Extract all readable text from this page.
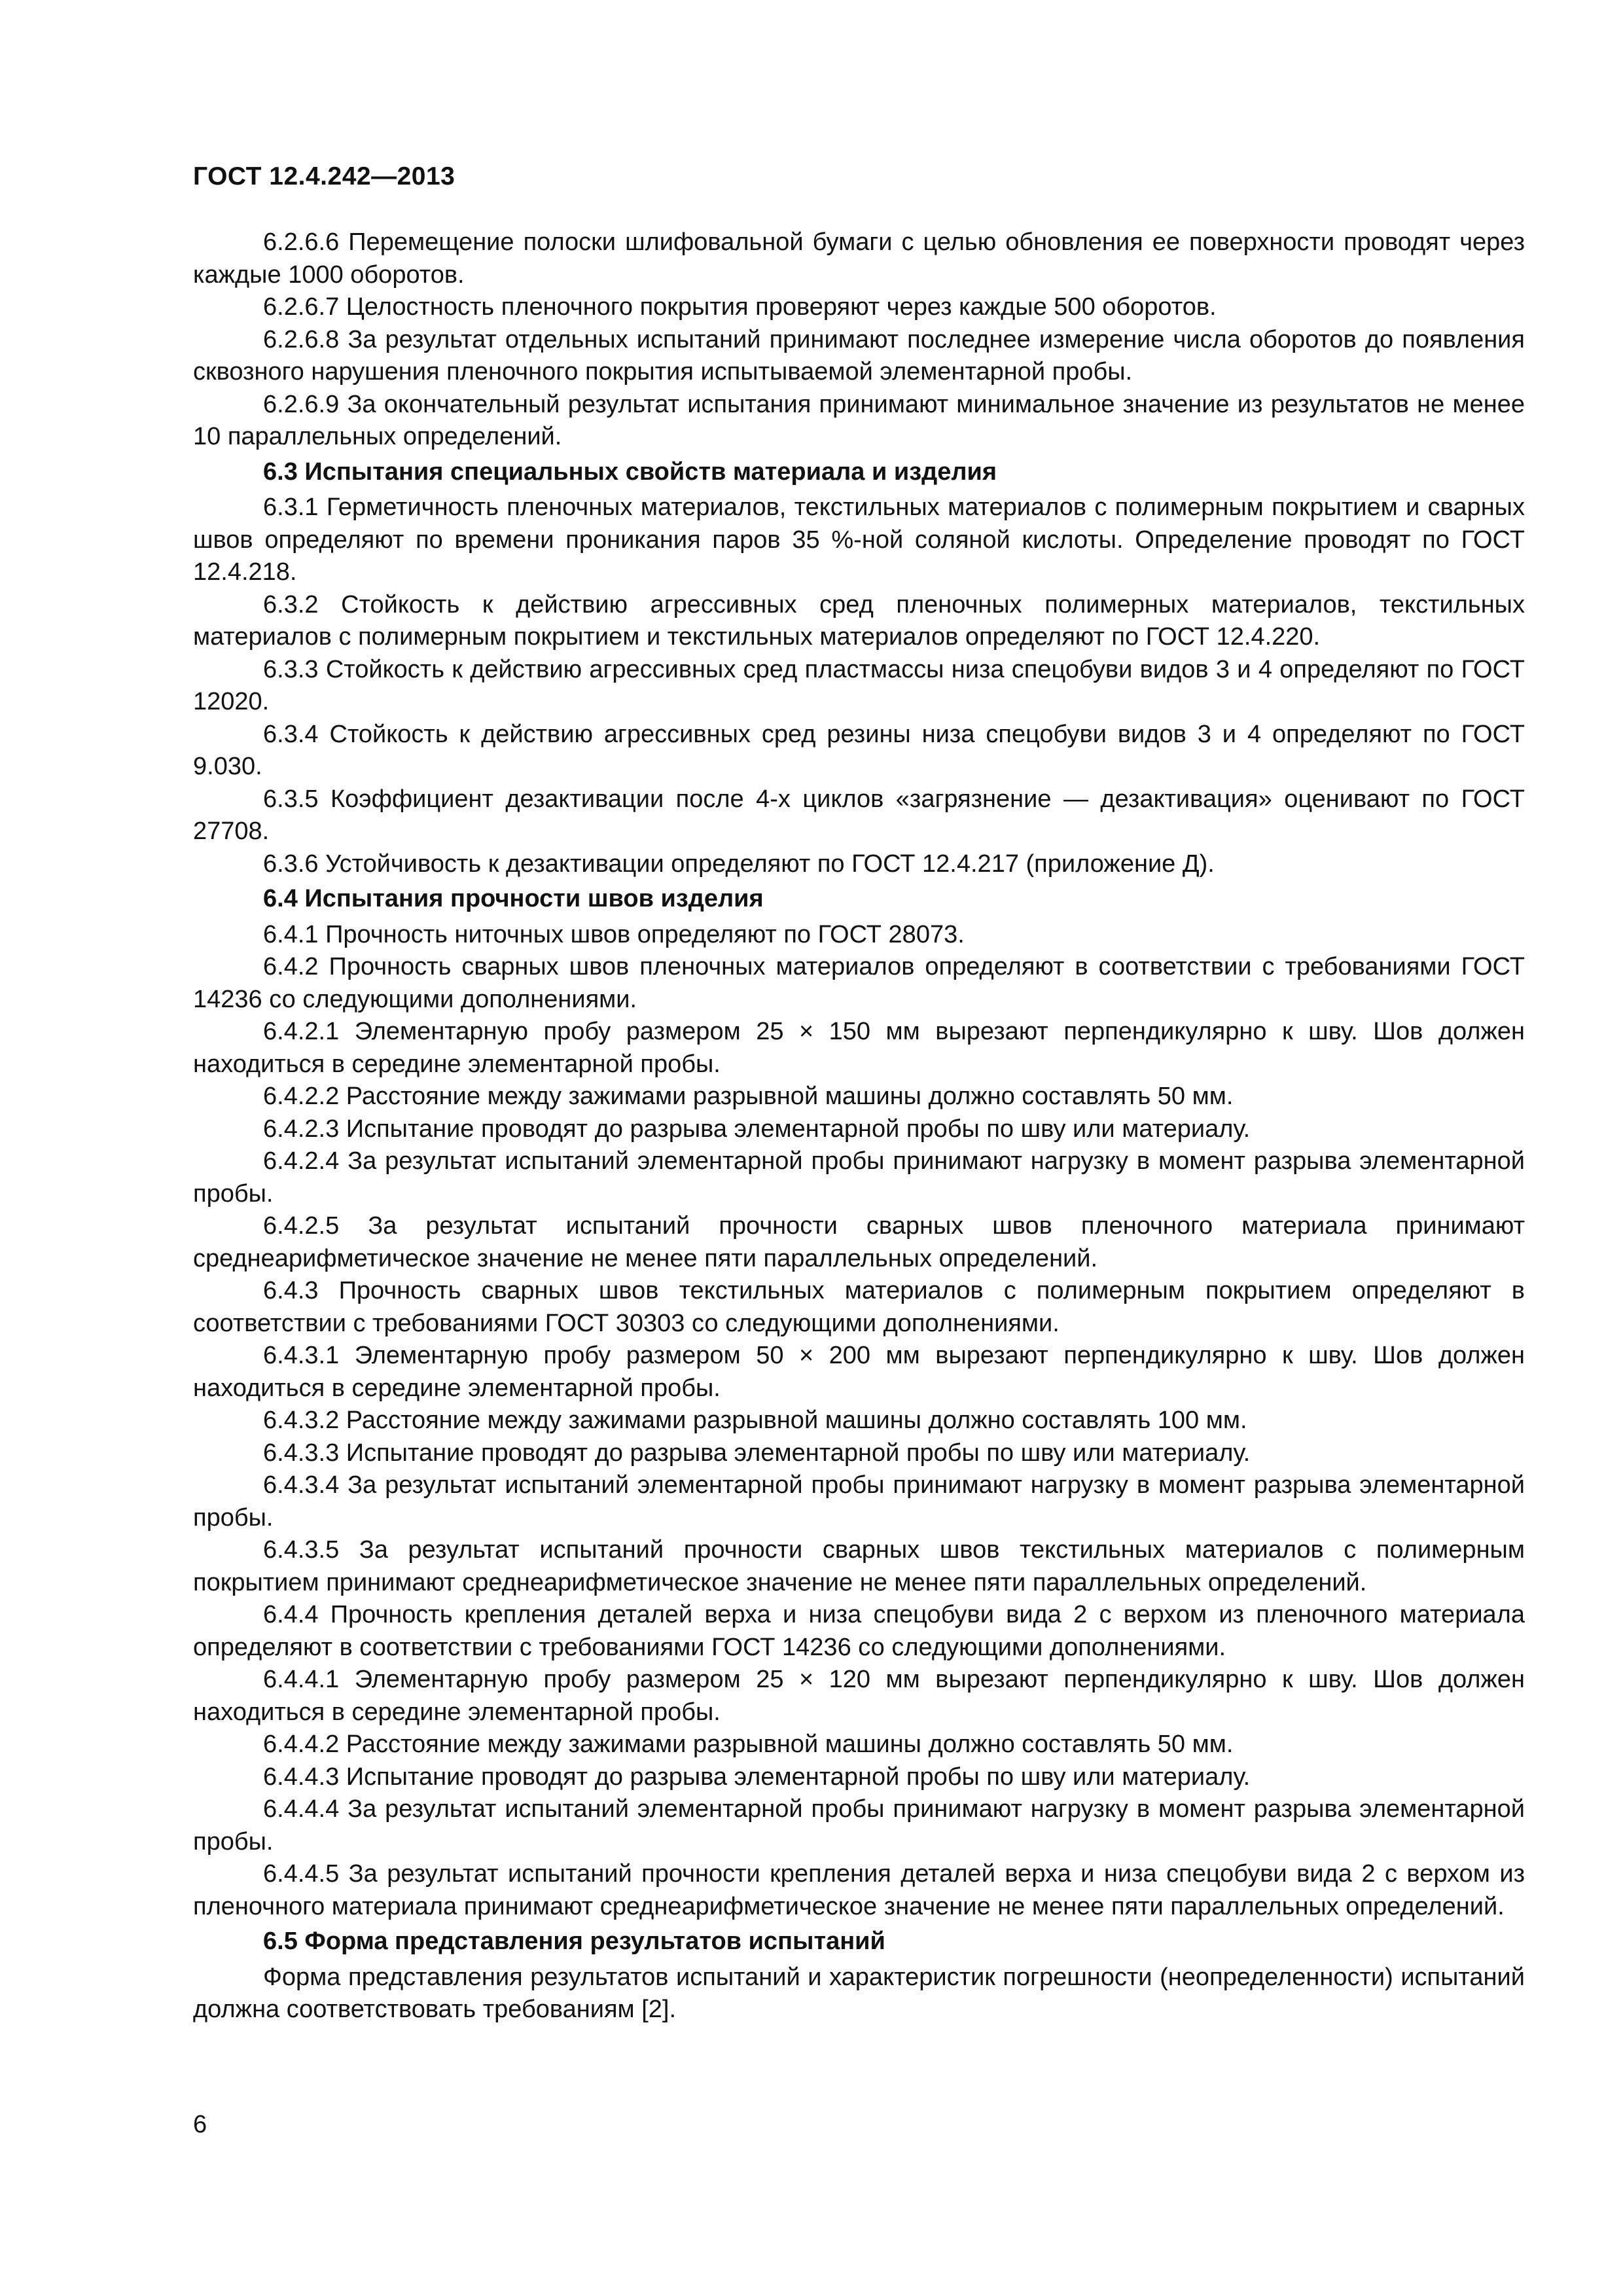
ГОСТ 12.4.242—2013

6.2.6.6 Перемещение полоски шлифовальной бумаги с целью обновления ее поверхности проводят через каждые 1000 оборотов.

6.2.6.7 Целостность пленочного покрытия проверяют через каждые 500 оборотов.

6.2.6.8 За результат отдельных испытаний принимают последнее измерение числа оборотов до появления сквозного нарушения пленочного покрытия испытываемой элементарной пробы.

6.2.6.9 За окончательный результат испытания принимают минимальное значение из результатов не менее 10 параллельных определений.

6.3 Испытания специальных свойств материала и изделия

6.3.1 Герметичность пленочных материалов, текстильных материалов с полимерным покрытием и сварных швов определяют по времени проникания паров 35 %-ной соляной кислоты. Определение проводят по ГОСТ 12.4.218.

6.3.2 Стойкость к действию агрессивных сред пленочных полимерных материалов, текстильных материалов с полимерным покрытием и текстильных материалов определяют по ГОСТ 12.4.220.

6.3.3 Стойкость к действию агрессивных сред пластмассы низа спецобуви видов 3 и 4 определяют по ГОСТ 12020.

6.3.4 Стойкость к действию агрессивных сред резины низа спецобуви видов 3 и 4 определяют по ГОСТ 9.030.

6.3.5 Коэффициент дезактивации после 4-х циклов «загрязнение — дезактивация» оценивают по ГОСТ 27708.

6.3.6 Устойчивость к дезактивации определяют по ГОСТ 12.4.217 (приложение Д).

6.4 Испытания прочности швов изделия

6.4.1 Прочность ниточных швов определяют по ГОСТ 28073.

6.4.2 Прочность сварных швов пленочных материалов определяют в соответствии с требованиями ГОСТ 14236 со следующими дополнениями.

6.4.2.1 Элементарную пробу размером 25 × 150 мм вырезают перпендикулярно к шву. Шов должен находиться в середине элементарной пробы.

6.4.2.2 Расстояние между зажимами разрывной машины должно составлять 50 мм.

6.4.2.3 Испытание проводят до разрыва элементарной пробы по шву или материалу.

6.4.2.4 За результат испытаний элементарной пробы принимают нагрузку в момент разрыва элементарной пробы.

6.4.2.5 За результат испытаний прочности сварных швов пленочного материала принимают среднеарифметическое значение не менее пяти параллельных определений.

6.4.3 Прочность сварных швов текстильных материалов с полимерным покрытием определяют в соответствии с требованиями ГОСТ 30303 со следующими дополнениями.

6.4.3.1 Элементарную пробу размером 50 × 200 мм вырезают перпендикулярно к шву. Шов должен находиться в середине элементарной пробы.

6.4.3.2 Расстояние между зажимами разрывной машины должно составлять 100 мм.

6.4.3.3 Испытание проводят до разрыва элементарной пробы по шву или материалу.

6.4.3.4 За результат испытаний элементарной пробы принимают нагрузку в момент разрыва элементарной пробы.

6.4.3.5 За результат испытаний прочности сварных швов текстильных материалов с полимерным покрытием принимают среднеарифметическое значение не менее пяти параллельных определений.

6.4.4 Прочность крепления деталей верха и низа спецобуви вида 2 с верхом из пленочного материала определяют в соответствии с требованиями ГОСТ 14236 со следующими дополнениями.

6.4.4.1 Элементарную пробу размером 25 × 120 мм вырезают перпендикулярно к шву. Шов должен находиться в середине элементарной пробы.

6.4.4.2 Расстояние между зажимами разрывной машины должно составлять 50 мм.

6.4.4.3 Испытание проводят до разрыва элементарной пробы по шву или материалу.

6.4.4.4 За результат испытаний элементарной пробы принимают нагрузку в момент разрыва элементарной пробы.

6.4.4.5 За результат испытаний прочности крепления деталей верха и низа спецобуви вида 2 с верхом из пленочного материала принимают среднеарифметическое значение не менее пяти параллельных определений.

6.5 Форма представления результатов испытаний

Форма представления результатов испытаний и характеристик погрешности (неопределенности) испытаний должна соответствовать требованиям [2].

6
